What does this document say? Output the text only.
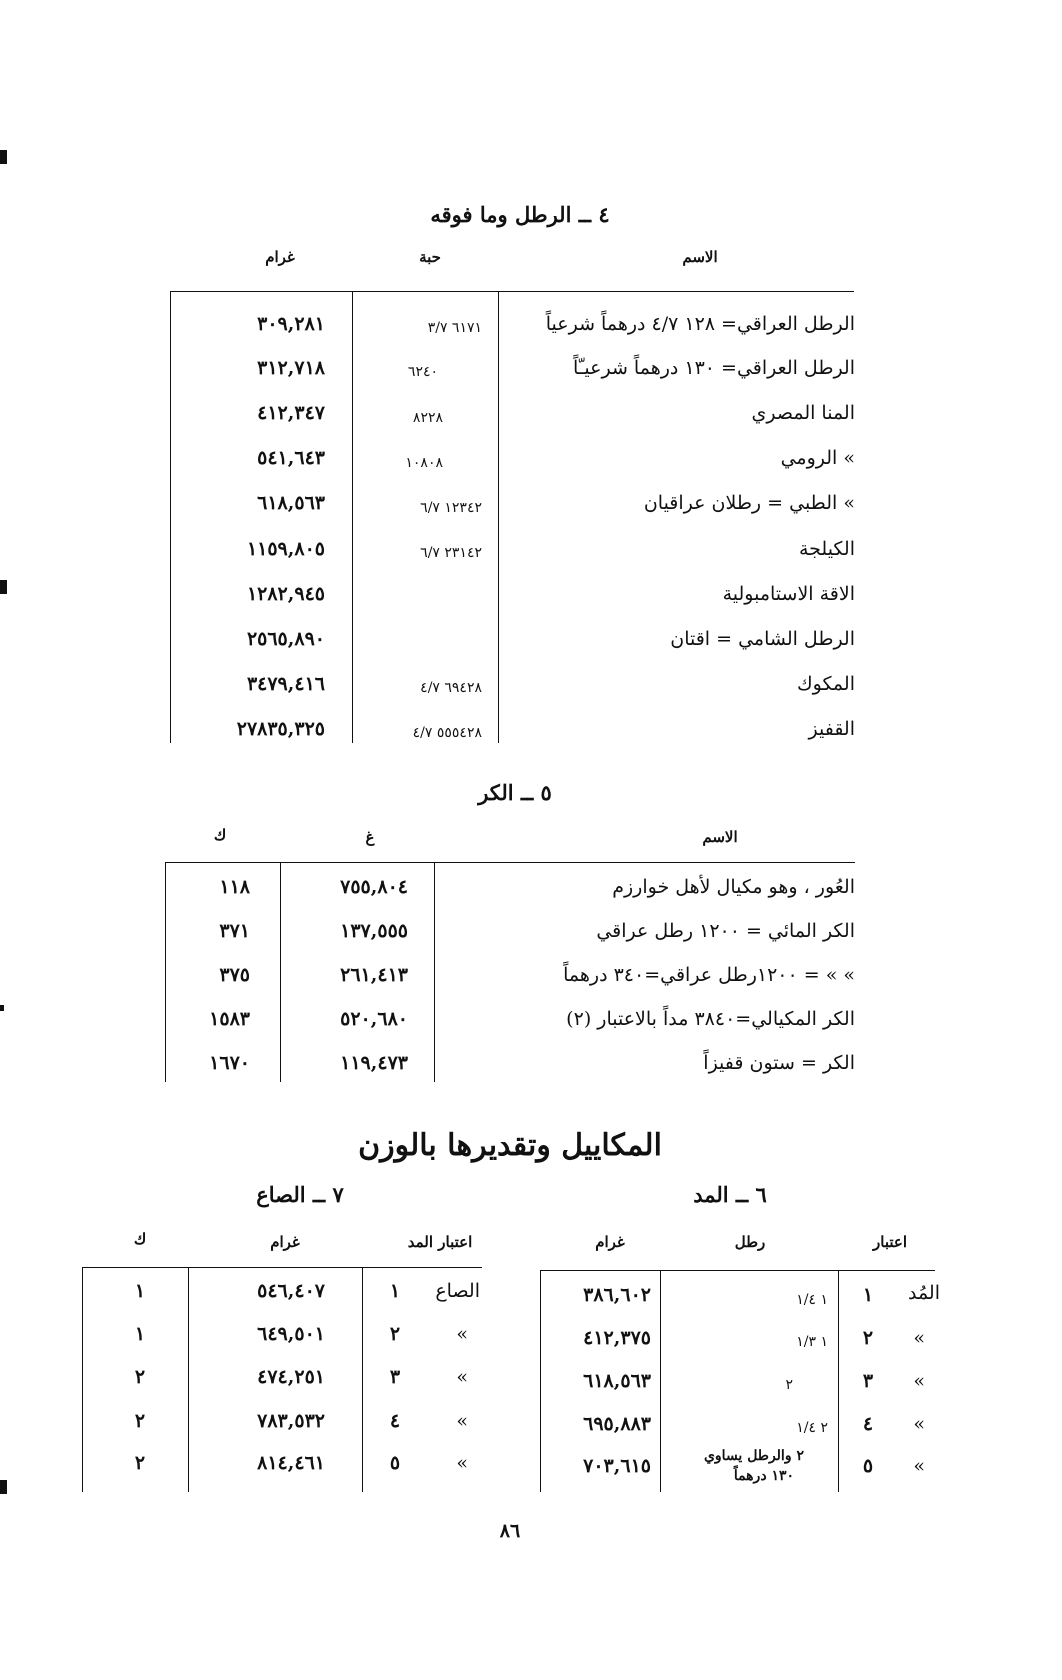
٤ ــ الرطل وما فوقه
الاسم
حبة
غرام
الرطل العراقي= ١٢٨ ٤/٧ درهماً شرعياً
٦١٧١ ٣/٧
٣٠٩,٢٨١
الرطل العراقي= ١٣٠ درهماً شرعيـّاً
٦٢٤٠
٣١٢,٧١٨
المنا المصري
٨٢٢٨
٤١٢,٣٤٧
» الرومي
١٠٨٠٨
٥٤١,٦٤٣
» الطبي = رطلان عراقيان
١٢٣٤٢ ٦/٧
٦١٨,٥٦٣
الكيلجة
٢٣١٤٢ ٦/٧
١١٥٩,٨٠٥
الاقة الاستامبولية
١٢٨٢,٩٤٥
الرطل الشامي = اقتان
٢٥٦٥,٨٩٠
المكوك
٦٩٤٢٨ ٤/٧
٣٤٧٩,٤١٦
القفيز
٥٥٥٤٢٨ ٤/٧
٢٧٨٣٥,٣٢٥
٥ ــ الكر
الاسم
غ
ك
العُور ، وهو مكيال لأهل خوارزم
٧٥٥,٨٠٤
١١٨
الكر المائي = ١٢٠٠ رطل عراقي
١٣٧,٥٥٥
٣٧١
» » = ١٢٠٠رطل عراقي=٣٤٠ درهماً
٢٦١,٤١٣
٣٧٥
الكر المكيالي=٣٨٤٠ مداً بالاعتبار (٢)
٥٢٠,٦٨٠
١٥٨٣
الكر = ستون قفيزاً
١١٩,٤٧٣
١٦٧٠
المكاييل وتقديرها بالوزن
٦ ــ المد
اعتبار
رطل
غرام
المُد
١
١ ١/٤
٣٨٦,٦٠٢
»
٢
١ ١/٣
٤١٢,٣٧٥
»
٣
٢
٦١٨,٥٦٣
»
٤
٢ ١/٤
٦٩٥,٨٨٣
»
٥
٢ والرطل يساوي
١٣٠ درهماً
٧٠٣,٦١٥
٧ ــ الصاع
اعتبار المد
غرام
ك
الصاع
١
٥٤٦,٤٠٧
١
»
٢
٦٤٩,٥٠١
١
»
٣
٤٧٤,٢٥١
٢
»
٤
٧٨٣,٥٣٢
٢
»
٥
٨١٤,٤٦١
٢
٨٦
